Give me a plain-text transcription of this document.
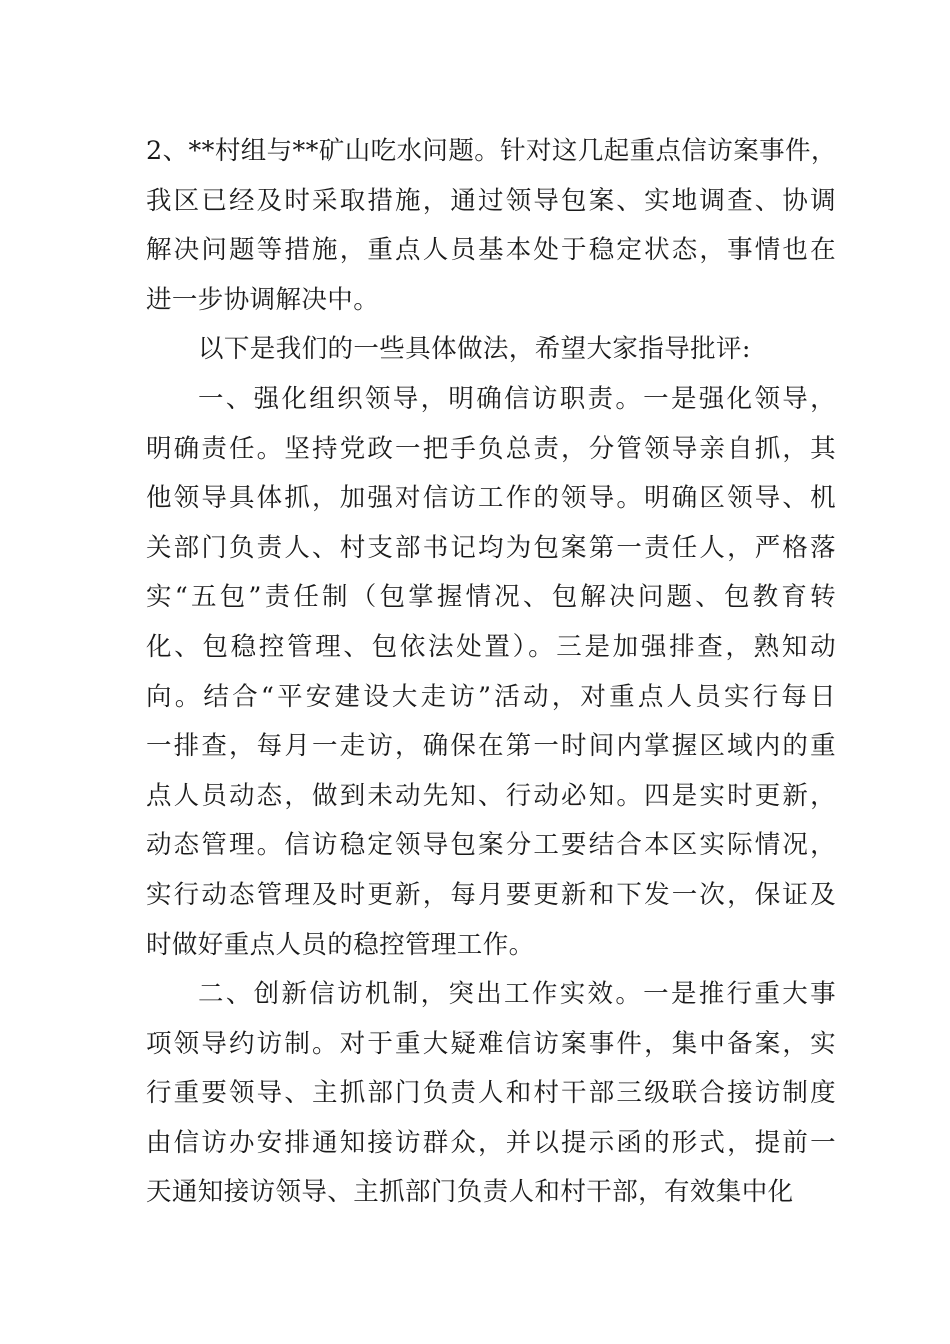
2、**村组与**矿山吃水问题。针对这几起重点信访案事件，
我区已经及时采取措施，通过领导包案、实地调查、协调
解决问题等措施，重点人员基本处于稳定状态，事情也在
进一步协调解决中。
以下是我们的一些具体做法，希望大家指导批评:
一、强化组织领导，明确信访职责。一是强化领导，
明确责任。坚持党政一把手负总责，分管领导亲自抓，其
他领导具体抓，加强对信访工作的领导。明确区领导、机
关部门负责人、村支部书记均为包案第一责任人，严格落
实“五包”责任制（包掌握情况、包解决问题、包教育转
化、包稳控管理、包依法处置）。三是加强排查，熟知动
向。结合“平安建设大走访”活动，对重点人员实行每日
一排查，每月一走访，确保在第一时间内掌握区域内的重
点人员动态，做到未动先知、行动必知。四是实时更新，
动态管理。信访稳定领导包案分工要结合本区实际情况，
实行动态管理及时更新，每月要更新和下发一次，保证及
时做好重点人员的稳控管理工作。
二、创新信访机制，突出工作实效。一是推行重大事
项领导约访制。对于重大疑难信访案事件，集中备案，实
行重要领导、主抓部门负责人和村干部三级联合接访制度
由信访办安排通知接访群众，并以提示函的形式，提前一
天通知接访领导、主抓部门负责人和村干部，有效集中化
